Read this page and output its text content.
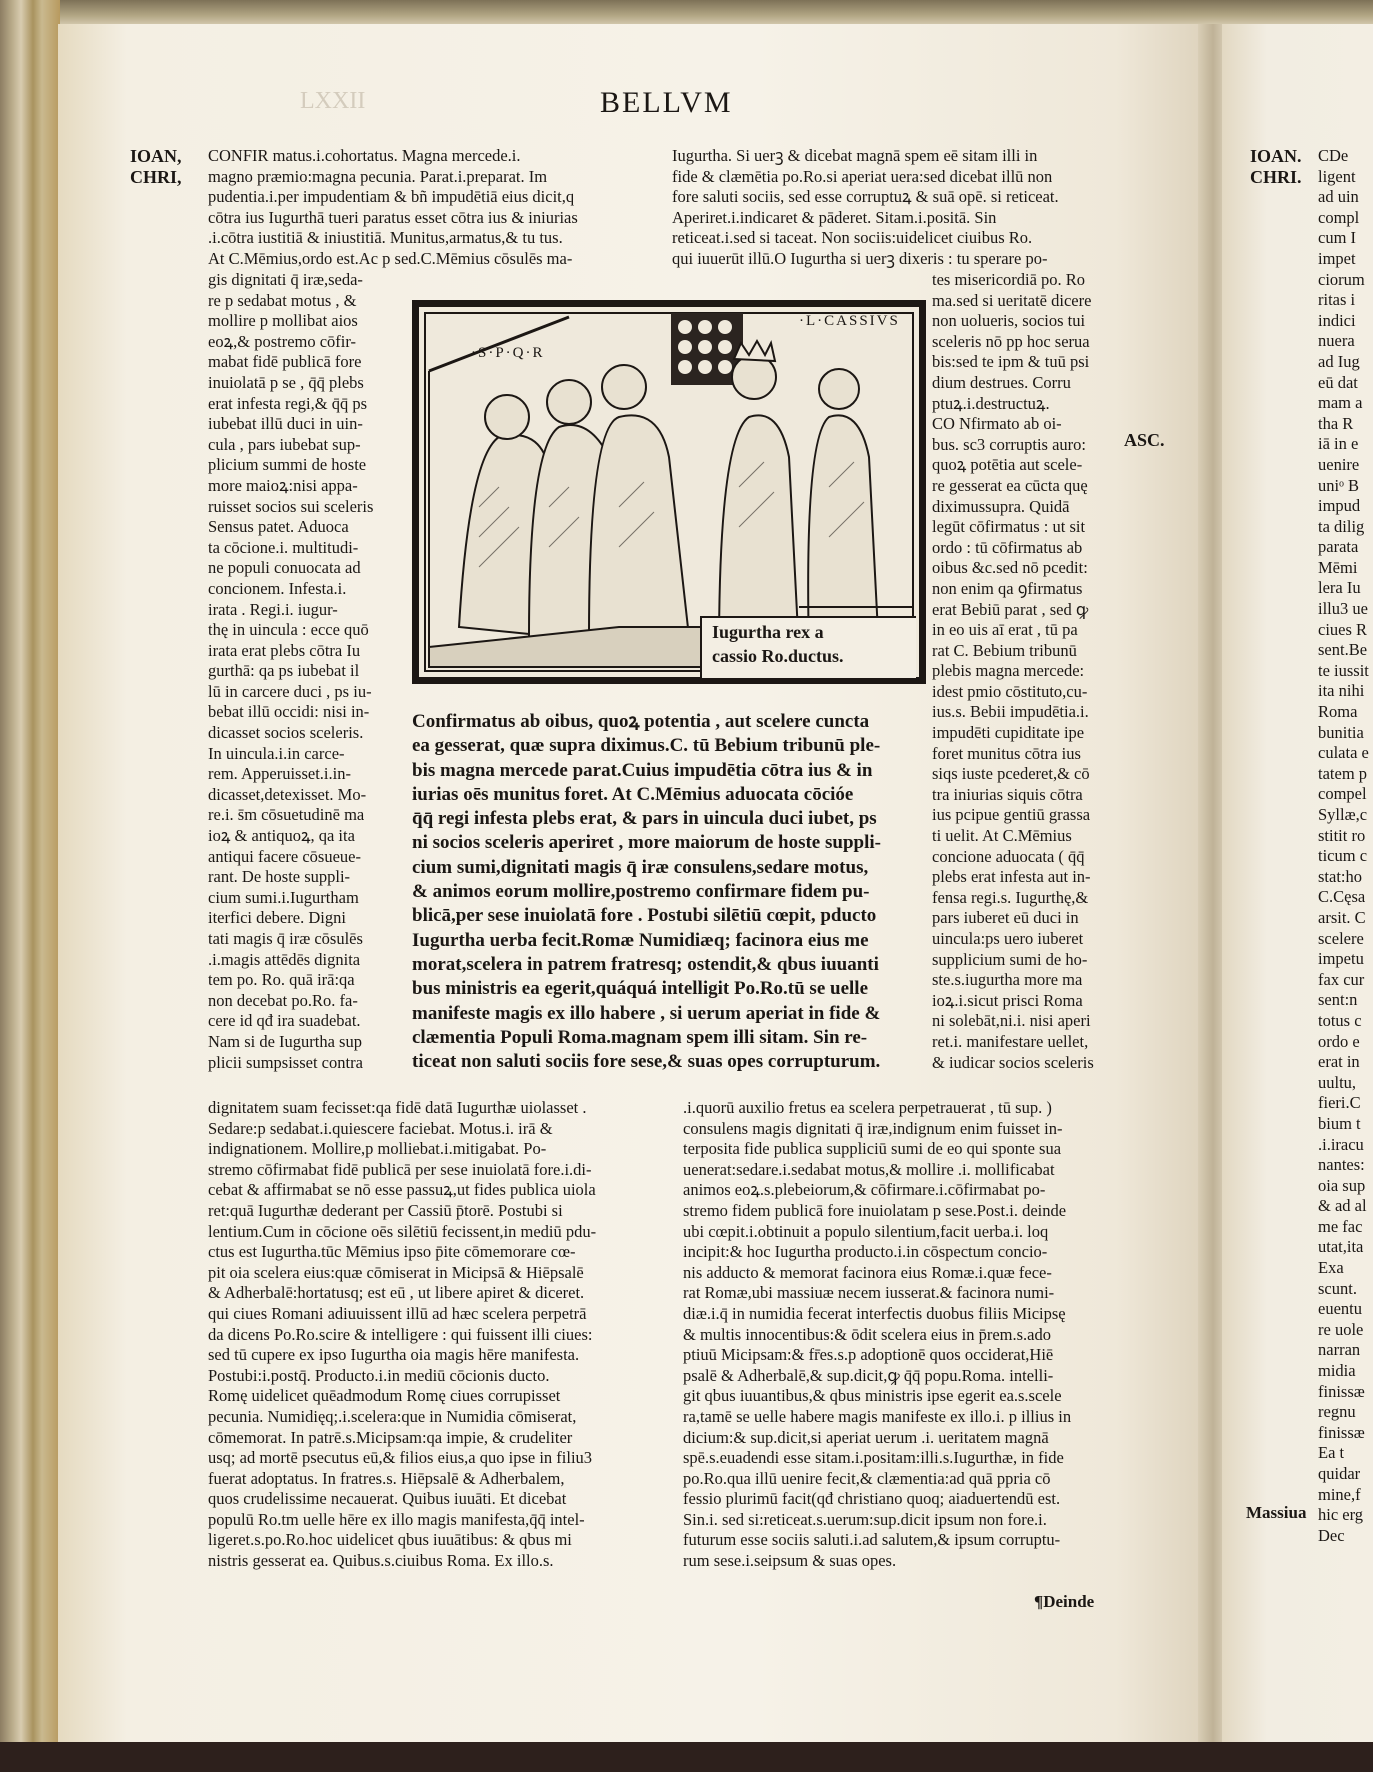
LXXII	BELLVM
IOAN,
CHRI,
CONFIR matus.i.cohortatus. Magna mercede.i.
magno præmio:magna pecunia. Parat.i.preparat. Im
pudentia.i.per impudentiam & bñ impudētiā eius dicit,q
cōtra ius Iugurthā tueri paratus esset cōtra ius & iniurias
.i.cōtra iustitiā & iniustitiā. Munitus,armatus,& tu tus.
At C.Mēmius,ordo est.Ac p sed.C.Mēmius cōsulēs ma-
Iugurtha. Si uerꝫ & dicebat magnā spem eē sitam illi in
fide & clæmētia po.Ro.si aperiat uera:sed dicebat illū non
fore saluti sociis, sed esse corruptuꝝ & suā opē. si reticeat.
Aperiret.i.indicaret & pāderet. Sitam.i.positā. Sin
reticeat.i.sed si taceat. Non sociis:uidelicet ciuibus Ro.
qui iuuerūt illū.O Iugurtha si uerꝫ dixeris : tu sperare po-
gis dignitati q̄ iræ,seda-
re p sedabat motus , &
mollire p mollibat aios
eoꝝ,& postremo cōfir-
mabat fidē publicā fore
inuiolatā p se , q̄q̄ plebs
erat infesta regi,& q̄q̄ ps
iubebat illū duci in uin-
cula , pars iubebat sup-
plicium summi de hoste
more maioꝝ:nisi appa-
ruisset socios sui sceleris
Sensus patet. Aduoca
ta cōcione.i. multitudi-
ne populi conuocata ad
concionem. Infesta.i.
irata . Regi.i. iugur-
thę in uincula : ecce quō
irata erat plebs cōtra Iu
gurthā: qa ps iubebat il
lū in carcere duci , ps iu-
bebat illū occidi: nisi in-
dicasset socios sceleris.
In uincula.i.in carce-
rem. Apperuisset.i.in-
dicasset,detexisset. Mo-
re.i. s̄m cōsuetudinē ma
ioꝝ & antiquoꝝ, qa ita
antiqui facere cōsueue-
rant. De hoste suppli-
cium sumi.i.Iugurtham
iterfici debere. Digni
tati magis q̄ iræ cōsulēs
.i.magis attēdēs dignita
tem po. Ro. quā irā:qa
non decebat po.Ro. fa-
cere id qđ ira suadebat.
Nam si de Iugurtha sup
plicii sumpsisset contra
·S·P·Q·R
·L·CASSIVS
Iugurtha rex a
cassio Ro.ductus.
tes misericordiā po. Ro
ma.sed si ueritatē dicere
non uolueris, socios tui
sceleris nō pp hoc serua
bis:sed te ipm & tuū psi
dium destrues. Corru
ptuꝝ.i.destructuꝝ.
CO Nfirmato ab oi-
bus. sc3 corruptis auro:
quoꝝ potētia aut scele-
re gesserat ea cūcta quę
diximussupra. Quidā
legūt cōfirmatus : ut sit
ordo : tū cōfirmatus ab
oibus &c.sed nō pcedit:
non enim qa ꝯfirmatus
erat Bebiū parat , sed ꝙ
in eo uis aī erat , tū pa
rat C. Bebium tribunū
plebis magna mercede:
idest pmio cōstituto,cu-
ius.s. Bebii impudētia.i.
impudēti cupiditate ipe
foret munitus cōtra ius
siqs iuste pcederet,& cō
tra iniurias siquis cōtra
ius pcipue gentiū grassa
ti uelit. At C.Mēmius
concione aduocata ( q̄q̄
plebs erat infesta aut in-
fensa regi.s. Iugurthę,&
pars iuberet eū duci in
uincula:ps uero iuberet
supplicium sumi de ho-
ste.s.iugurtha more ma
ioꝝ.i.sicut prisci Roma
ni solebāt,ni.i. nisi aperi
ret.i. manifestare uellet,
& iudicar socios sceleris
ASC.
Confirmatus ab oibus, quoꝝ potentia , aut scelere cuncta
ea gesserat, quæ supra diximus.C. tū Bebium tribunū ple-
bis magna mercede parat.Cuius impudētia cōtra ius & in
iurias oēs munitus foret. At C.Mēmius aduocata cōcióe
q̄q̄ regi infesta plebs erat, & pars in uincula duci iubet, ps
ni socios sceleris aperiret , more maiorum de hoste suppli-
cium sumi,dignitati magis q̄ iræ consulens,sedare motus,
& animos eorum mollire,postremo confirmare fidem pu-
blicā,per sese inuiolatā fore . Postubi silētiū cœpit, pducto
Iugurtha uerba fecit.Romæ Numidiæq; facinora eius me
morat,scelera in patrem fratresq; ostendit,& qbus iuuanti
bus ministris ea egerit,quáquá intelligit Po.Ro.tū se uelle
manifeste magis ex illo habere , si uerum aperiat in fide &
clæmentia Populi Roma.magnam spem illi sitam. Sin re-
ticeat non saluti sociis fore sese,& suas opes corrupturum.
dignitatem suam fecisset:qa fidē datā Iugurthæ uiolasset .
Sedare:p sedabat.i.quiescere faciebat. Motus.i. irā &
indignationem. Mollire,p molliebat.i.mitigabat. Po-
stremo cōfirmabat fidē publicā per sese inuiolatā fore.i.di-
cebat & affirmabat se nō esse passuꝝ,ut fides publica uiola
ret:quā Iugurthæ dederant per Cassiū p̄torē. Postubi si
lentium.Cum in cōcione oēs silētiū fecissent,in mediū pdu-
ctus est Iugurtha.tūc Mēmius ipso p̄ite cōmemorare cœ-
pit oia scelera eius:quæ cōmiserat in Micipsā & Hiēpsalē
& Adherbalē:hortatusq; est eū , ut libere apiret & diceret.
qui ciues Romani adiuuissent illū ad hæc scelera perpetrā
da dicens Po.Ro.scire & intelligere : qui fuissent illi ciues:
sed tū cupere ex ipso Iugurtha oia magis hēre manifesta.
Postubi:i.postq̄. Producto.i.in mediū cōcionis ducto.
Romę uidelicet quēadmodum Romę ciues corrupisset
pecunia. Numidięq;.i.scelera:que in Numidia cōmiserat,
cōmemorat. In patrē.s.Micipsam:qa impie, & crudeliter
usq; ad mortē psecutus eū,& filios eius,a quo ipse in filiu3
fuerat adoptatus. In fratres.s. Hiēpsalē & Adherbalem,
quos crudelissime necauerat. Quibus iuuāti. Et dicebat
populū Ro.tm uelle hēre ex illo magis manifesta,q̄q̄ intel-
ligeret.s.po.Ro.hoc uidelicet qbus iuuātibus: & qbus mi
nistris gesserat ea. Quibus.s.ciuibus Roma. Ex illo.s.
.i.quorū auxilio fretus ea scelera perpetrauerat , tū sup. )
consulens magis dignitati q̄ iræ,indignum enim fuisset in-
terposita fide publica suppliciū sumi de eo qui sponte sua
uenerat:sedare.i.sedabat motus,& mollire .i. mollificabat
animos eoꝝ.s.plebeiorum,& cōfirmare.i.cōfirmabat po-
stremo fidem publicā fore inuiolatam p sese.Post.i. deinde
ubi cœpit.i.obtinuit a populo silentium,facit uerba.i. loq
incipit:& hoc Iugurtha producto.i.in cōspectum concio-
nis adducto & memorat facinora eius Romæ.i.quæ fece-
rat Romæ,ubi massiuæ necem iusserat.& facinora numi-
diæ.i.q̄ in numidia fecerat interfectis duobus filiis Micipsę
& multis innocentibus:& ōdit scelera eius in p̄rem.s.ado
ptiuū Micipsam:& fr̄es.s.p adoptionē quos occiderat,Hiē
psalē & Adherbalē,& sup.dicit,ꝙ q̄q̄ popu.Roma. intelli-
git qbus iuuantibus,& qbus ministris ipse egerit ea.s.scele
ra,tamē se uelle habere magis manifeste ex illo.i. p illius in
dicium:& sup.dicit,si aperiat uerum .i. ueritatem magnā
spē.s.euadendi esse sitam.i.positam:illi.s.Iugurthæ, in fide
po.Ro.qua illū uenire fecit,& clæmentia:ad quā ppria cō
fessio plurimū facit(qđ christiano quoq; aiaduertendū est.
Sin.i. sed si:reticeat.s.uerum:sup.dicit ipsum non fore.i.
futurum esse sociis saluti.i.ad salutem,& ipsum corruptu-
rum sese.i.seipsum & suas opes.
¶Deinde
IOAN.
CHRI.
CDe
ligent
ad uin
compl
cum I
impet
ciorum
ritas i
indici
nuera
ad Iug
eū dat
mam a
tha R
iā in e
uenire
uniᵒ B
impud
ta dilig
parata
Mēmi
lera Iu
illu3 ue
ciues R
sent.Be
te iussit
ita nihi
Roma
bunitia
culata e
tatem p
compel
Syllæ,c
stitit ro
ticum c
stat:ho
C.Cęsa
arsit. C
scelere
impetu
fax cur
sent:n
totus c
ordo e
erat in
uultu,
fieri.C
bium t
.i.iracu
nantes:
oia sup
& ad al
me fac
utat,ita
Exa
scunt.
euentu
re uole
narran
midia
finissæ
regnu
finissæ
Ea t
quidar
mine,f
hic erg
Dec
Massiua
